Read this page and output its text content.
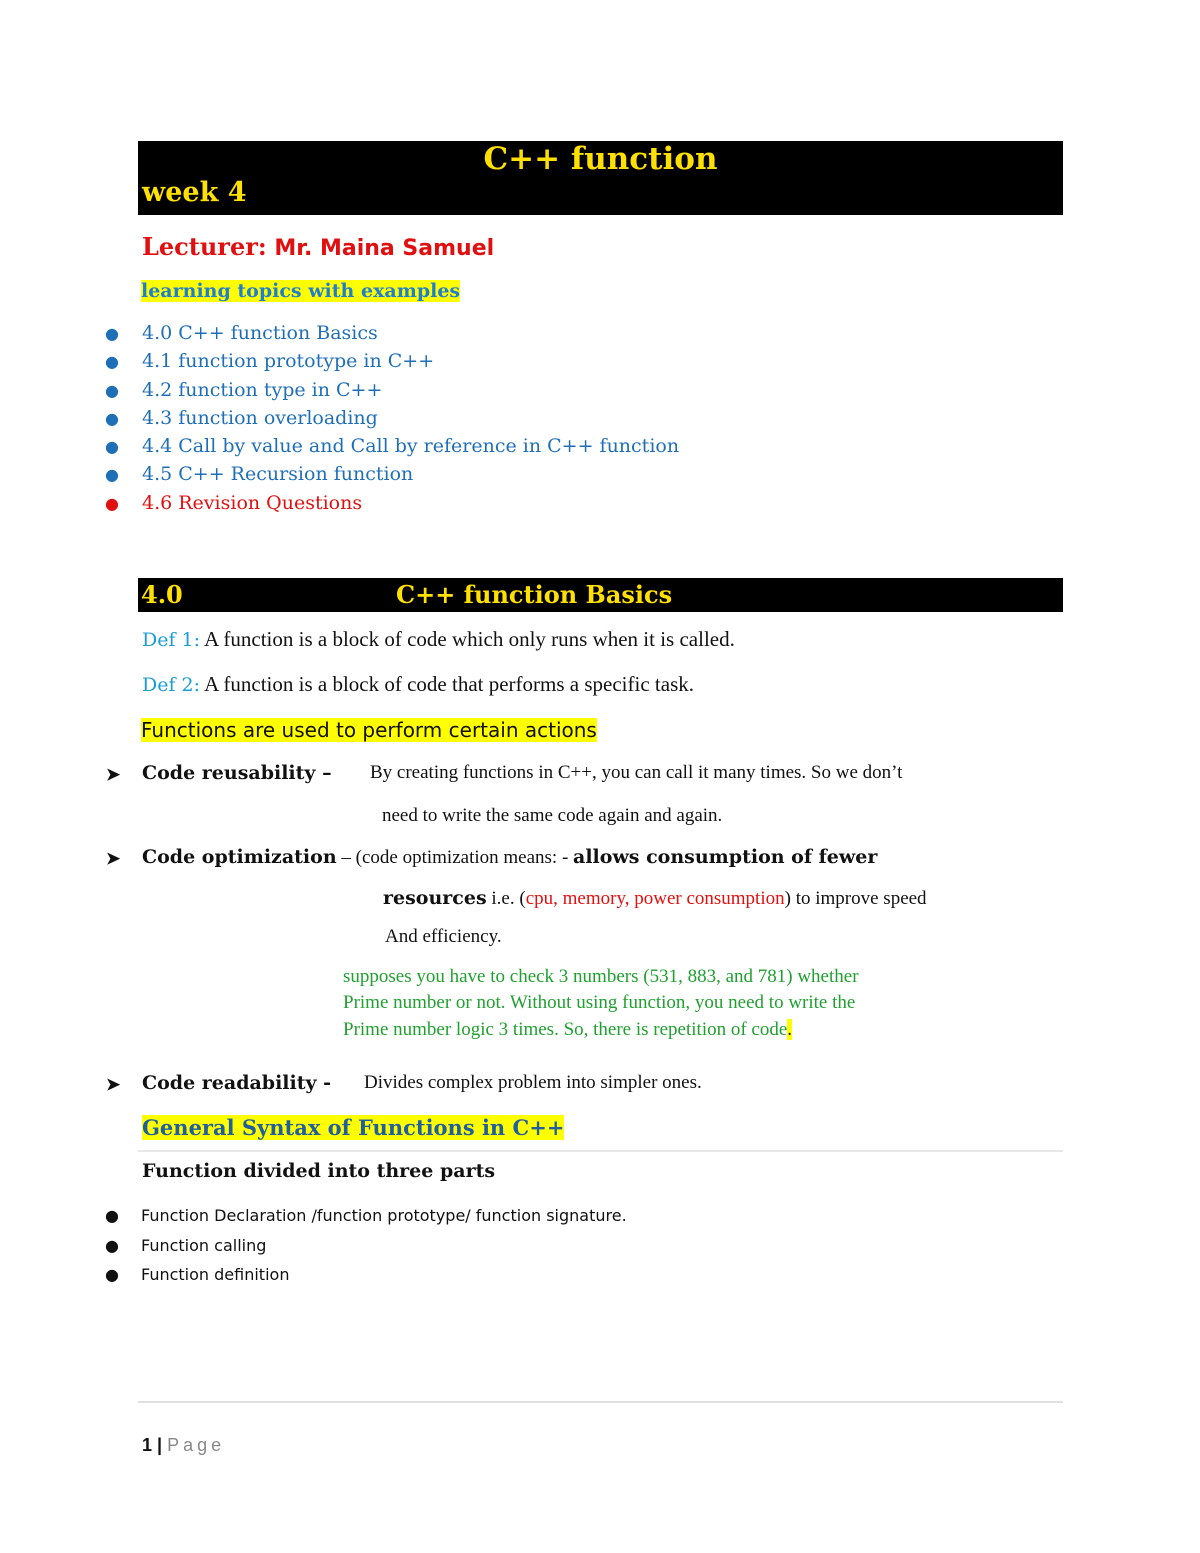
C++ function
week 4
Lecturer: Mr. Maina Samuel
learning topics with examples
● 4.0 C++ function Basics
● 4.1 function prototype in C++
● 4.2 function type in C++
● 4.3 function overloading
● 4.4 Call by value and Call by reference in C++ function
● 4.5 C++ Recursion function
● 4.6 Revision Questions
4.0	C++ function Basics
Def 1: A function is a block of code which only runs when it is called.
Def 2: A function is a block of code that performs a specific task.
Functions are used to perform certain actions
➤ Code reusability – By creating functions in C++, you can call it many times. So we don’t
need to write the same code again and again.
➤ Code optimization – (code optimization means: - allows consumption of fewer
resources i.e. (cpu, memory, power consumption) to improve speed
And efficiency.
supposes you have to check 3 numbers (531, 883, and 781) whether
Prime number or not. Without using function, you need to write the
Prime number logic 3 times. So, there is repetition of code.
➤ Code readability - Divides complex problem into simpler ones.
General Syntax of Functions in C++
Function divided into three parts
● Function Declaration /function prototype/ function signature.
● Function calling
● Function definition
1 | Page
